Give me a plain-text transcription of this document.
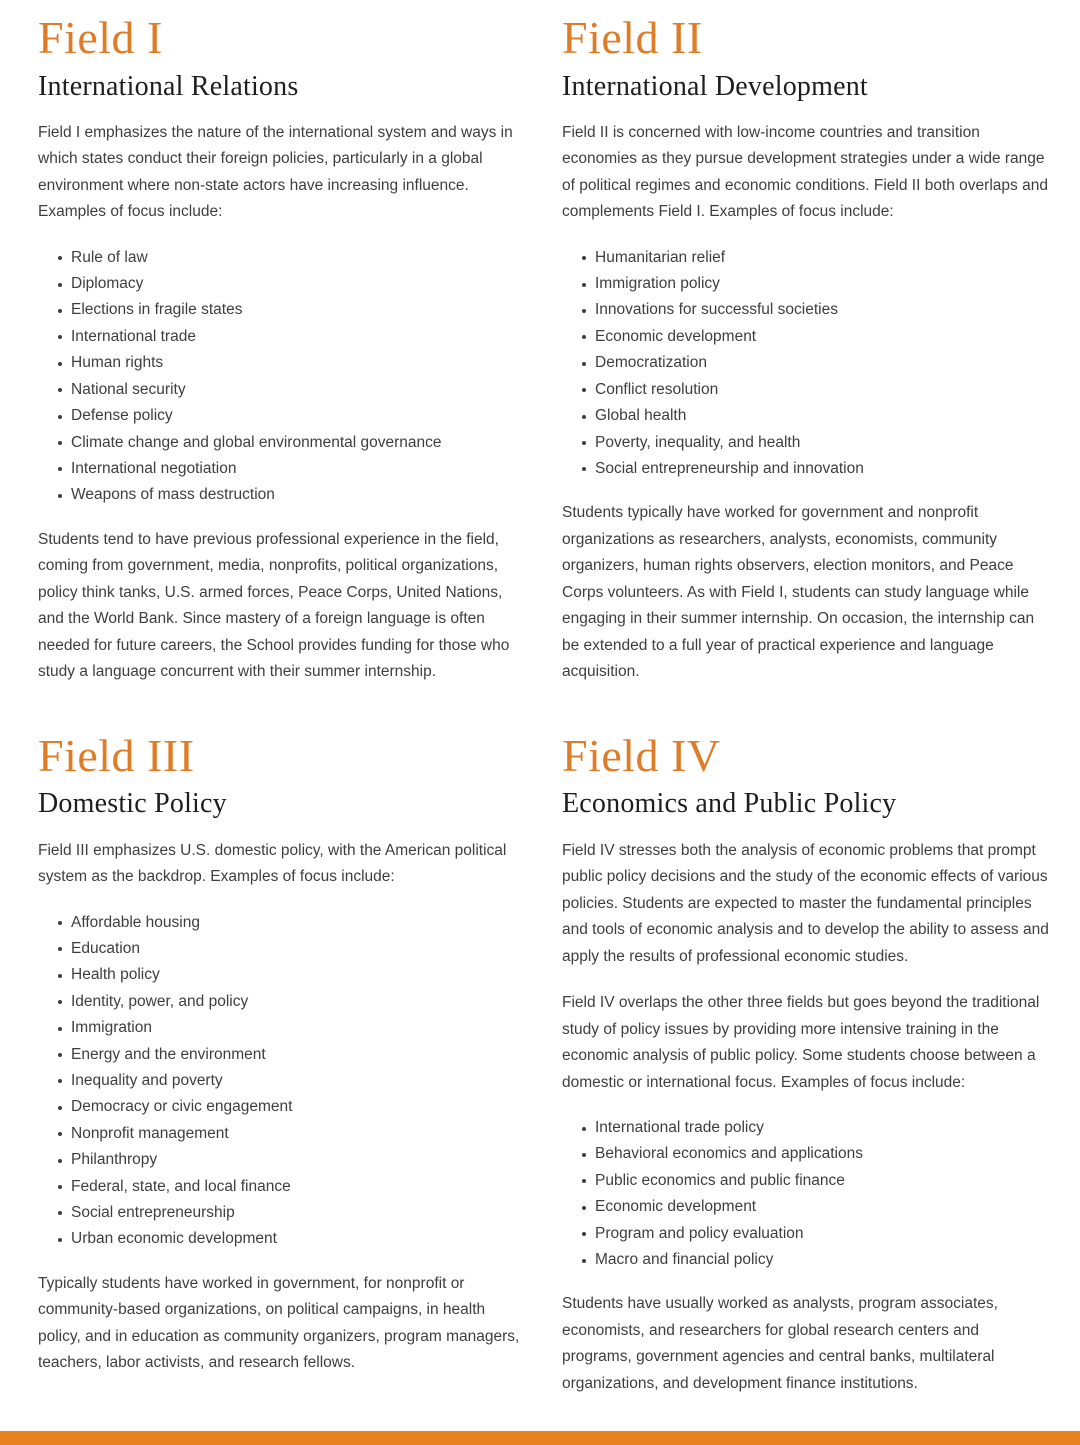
Field I
International Relations

Field I emphasizes the nature of the international system and ways in which states conduct their foreign policies, particularly in a global environment where non-state actors have increasing influence. Examples of focus include:

Rule of law
Diplomacy
Elections in fragile states
International trade
Human rights
National security
Defense policy
Climate change and global environmental governance
International negotiation
Weapons of mass destruction

Students tend to have previous professional experience in the field, coming from government, media, nonprofits, political organizations, policy think tanks, U.S. armed forces, Peace Corps, United Nations, and the World Bank. Since mastery of a foreign language is often needed for future careers, the School provides funding for those who study a language concurrent with their summer internship.

Field II
International Development

Field II is concerned with low-income countries and transition economies as they pursue development strategies under a wide range of political regimes and economic conditions. Field II both overlaps and complements Field I. Examples of focus include:

Humanitarian relief
Immigration policy
Innovations for successful societies
Economic development
Democratization
Conflict resolution
Global health
Poverty, inequality, and health
Social entrepreneurship and innovation

Students typically have worked for government and nonprofit organizations as researchers, analysts, economists, community organizers, human rights observers, election monitors, and Peace Corps volunteers. As with Field I, students can study language while engaging in their summer internship. On occasion, the internship can be extended to a full year of practical experience and language acquisition.

Field III
Domestic Policy

Field III emphasizes U.S. domestic policy, with the American political system as the backdrop. Examples of focus include:

Affordable housing
Education
Health policy
Identity, power, and policy
Immigration
Energy and the environment
Inequality and poverty
Democracy or civic engagement
Nonprofit management
Philanthropy
Federal, state, and local finance
Social entrepreneurship
Urban economic development

Typically students have worked in government, for nonprofit or community-based organizations, on political campaigns, in health policy, and in education as community organizers, program managers, teachers, labor activists, and research fellows.

Field IV
Economics and Public Policy

Field IV stresses both the analysis of economic problems that prompt public policy decisions and the study of the economic effects of various policies. Students are expected to master the fundamental principles and tools of economic analysis and to develop the ability to assess and apply the results of professional economic studies.

Field IV overlaps the other three fields but goes beyond the traditional study of policy issues by providing more intensive training in the economic analysis of public policy. Some students choose between a domestic or international focus. Examples of focus include:

International trade policy
Behavioral economics and applications
Public economics and public finance
Economic development
Program and policy evaluation
Macro and financial policy

Students have usually worked as analysts, program associates, economists, and researchers for global research centers and programs, government agencies and central banks, multilateral organizations, and development finance institutions.
